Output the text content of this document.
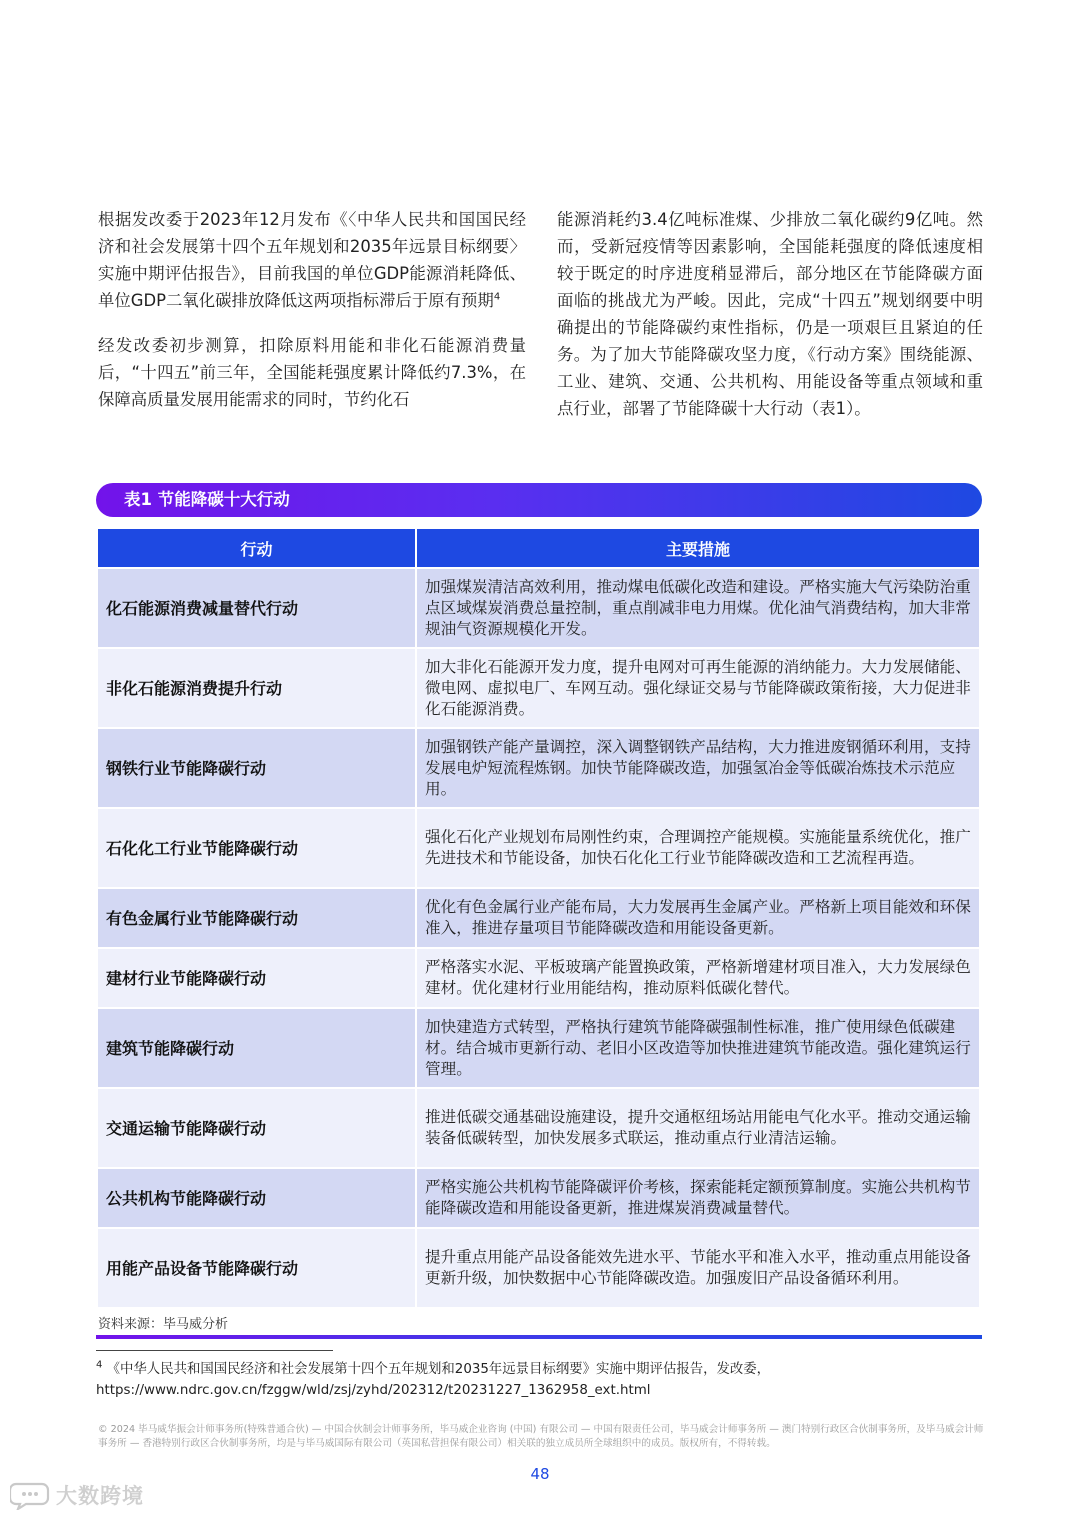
根据发改委于2023年12月发布《〈中华人民共和国国民经济和社会发展第十四个五年规划和2035年远景目标纲要〉实施中期评估报告》，目前我国的单位GDP能源消耗降低、单位GDP二氧化碳排放降低这两项指标滞后于原有预期$^4$

经发改委初步测算，扣除原料用能和非化石能源消费量后，“十四五”前三年，全国能耗强度累计降低约7.3%，在保障高质量发展用能需求的同时，节约化石

能源消耗约3.4亿吨标准煤、少排放二氧化碳约9亿吨。然而，受新冠疫情等因素影响，全国能耗强度的降低速度相较于既定的时序进度稍显滞后，部分地区在节能降碳方面面临的挑战尤为严峻。因此，完成“十四五”规划纲要中明确提出的节能降碳约束性指标，仍是一项艰巨且紧迫的任务。为了加大节能降碳攻坚力度，《行动方案》围绕能源、工业、建筑、交通、公共机构、用能设备等重点领域和重点行业，部署了节能降碳十大行动（表1）。

表1 节能降碳十大行动
行动	主要措施
化石能源消费减量替代行动	加强煤炭清洁高效利用，推动煤电低碳化改造和建设。严格实施大气污染防治重点区域煤炭消费总量控制，重点削减非电力用煤。优化油气消费结构，加大非常规油气资源规模化开发。
非化石能源消费提升行动	加大非化石能源开发力度，提升电网对可再生能源的消纳能力。大力发展储能、微电网、虚拟电厂、车网互动。强化绿证交易与节能降碳政策衔接，大力促进非化石能源消费。
钢铁行业节能降碳行动	加强钢铁产能产量调控，深入调整钢铁产品结构，大力推进废钢循环利用，支持发展电炉短流程炼钢。加快节能降碳改造，加强氢冶金等低碳冶炼技术示范应用。
石化化工行业节能降碳行动	强化石化产业规划布局刚性约束，合理调控产能规模。实施能量系统优化，推广先进技术和节能设备，加快石化化工行业节能降碳改造和工艺流程再造。
有色金属行业节能降碳行动	优化有色金属行业产能布局，大力发展再生金属产业。严格新上项目能效和环保准入，推进存量项目节能降碳改造和用能设备更新。
建材行业节能降碳行动	严格落实水泥、平板玻璃产能置换政策，严格新增建材项目准入，大力发展绿色建材。优化建材行业用能结构，推动原料低碳化替代。
建筑节能降碳行动	加快建造方式转型，严格执行建筑节能降碳强制性标准，推广使用绿色低碳建材。结合城市更新行动、老旧小区改造等加快推进建筑节能改造。强化建筑运行管理。
交通运输节能降碳行动	推进低碳交通基础设施建设，提升交通枢纽场站用能电气化水平。推动交通运输装备低碳转型，加快发展多式联运，推动重点行业清洁运输。
公共机构节能降碳行动	严格实施公共机构节能降碳评价考核，探索能耗定额预算制度。实施公共机构节能降碳改造和用能设备更新，推进煤炭消费减量替代。
用能产品设备节能降碳行动	提升重点用能产品设备能效先进水平、节能水平和准入水平，推动重点用能设备更新升级，加快数据中心节能降碳改造。加强废旧产品设备循环利用。
资料来源：毕马威分析
$^4$ 《中华人民共和国国民经济和社会发展第十四个五年规划和2035年远景目标纲要》实施中期评估报告，发改委，
https://www.ndrc.gov.cn/fzggw/wld/zsj/zyhd/202312/t20231227_1362958_ext.html
© 2024 毕马威华振会计师事务所(特殊普通合伙) — 中国合伙制会计师事务所，毕马威企业咨询 (中国) 有限公司 — 中国有限责任公司，毕马威会计师事务所 — 澳门特别行政区合伙制事务所，及毕马威会计师事务所 — 香港特别行政区合伙制事务所，均是与毕马威国际有限公司（英国私营担保有限公司）相关联的独立成员所全球组织中的成员。版权所有，不得转载。
48
大数跨境
